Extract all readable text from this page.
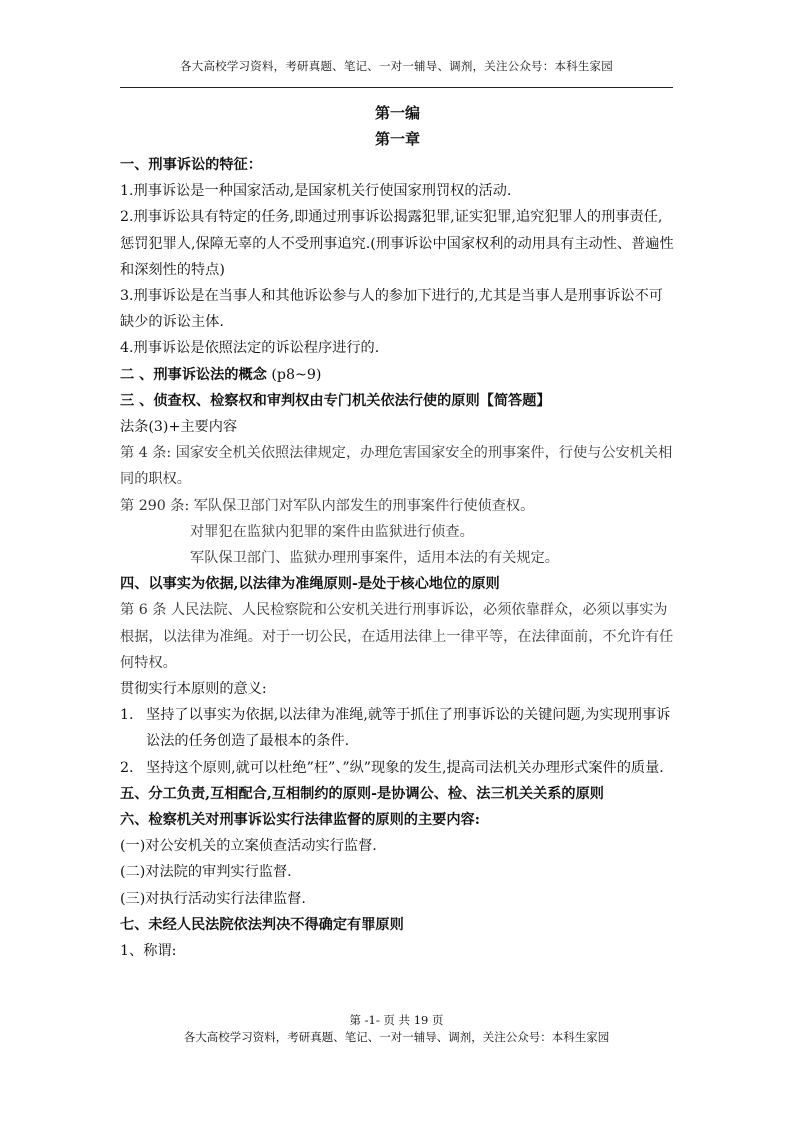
各大高校学习资料，考研真题、笔记、一对一辅导、调剂，关注公众号：本科生家园
第一编
第一章

一、刑事诉讼的特征：

1.刑事诉讼是一种国家活动,是国家机关行使国家刑罚权的活动.

2.刑事诉讼具有特定的任务,即通过刑事诉讼揭露犯罪,证实犯罪,追究犯罪人的刑事责任,惩罚犯罪人,保障无辜的人不受刑事追究.(刑事诉讼中国家权利的动用具有主动性、普遍性和深刻性的特点)

3.刑事诉讼是在当事人和其他诉讼参与人的参加下进行的,尤其是当事人是刑事诉讼不可缺少的诉讼主体.

4.刑事诉讼是依照法定的诉讼程序进行的.

二 、刑事诉讼法的概念 (p8~9)

三 、侦查权、检察权和审判权由专门机关依法行使的原则【简答题】

法条(3)+主要内容

第 4 条: 国家安全机关依照法律规定，办理危害国家安全的刑事案件，行使与公安机关相同的职权。

第 290 条: 军队保卫部门对军队内部发生的刑事案件行使侦查权。

对罪犯在监狱内犯罪的案件由监狱进行侦查。

军队保卫部门、监狱办理刑事案件，适用本法的有关规定。

四、以事实为依据,以法律为准绳原则-是处于核心地位的原则

第 6 条 人民法院、人民检察院和公安机关进行刑事诉讼，必须依靠群众，必须以事实为根据，以法律为准绳。对于一切公民，在适用法律上一律平等，在法律面前，不允许有任何特权。

贯彻实行本原则的意义:

1. 坚持了以事实为依据,以法律为准绳,就等于抓住了刑事诉讼的关键问题,为实现刑事诉讼法的任务创造了最根本的条件.
2. 坚持这个原则,就可以杜绝”枉”、”纵”现象的发生,提高司法机关办理形式案件的质量.

五、分工负责,互相配合,互相制约的原则-是协调公、检、法三机关关系的原则

六、检察机关对刑事诉讼实行法律监督的原则的主要内容:

(一)对公安机关的立案侦查活动实行监督.

(二)对法院的审判实行监督.

(三)对执行活动实行法律监督.

七、未经人民法院依法判决不得确定有罪原则

1、称谓:

第 -1- 页 共 19 页
各大高校学习资料，考研真题、笔记、一对一辅导、调剂，关注公众号：本科生家园
